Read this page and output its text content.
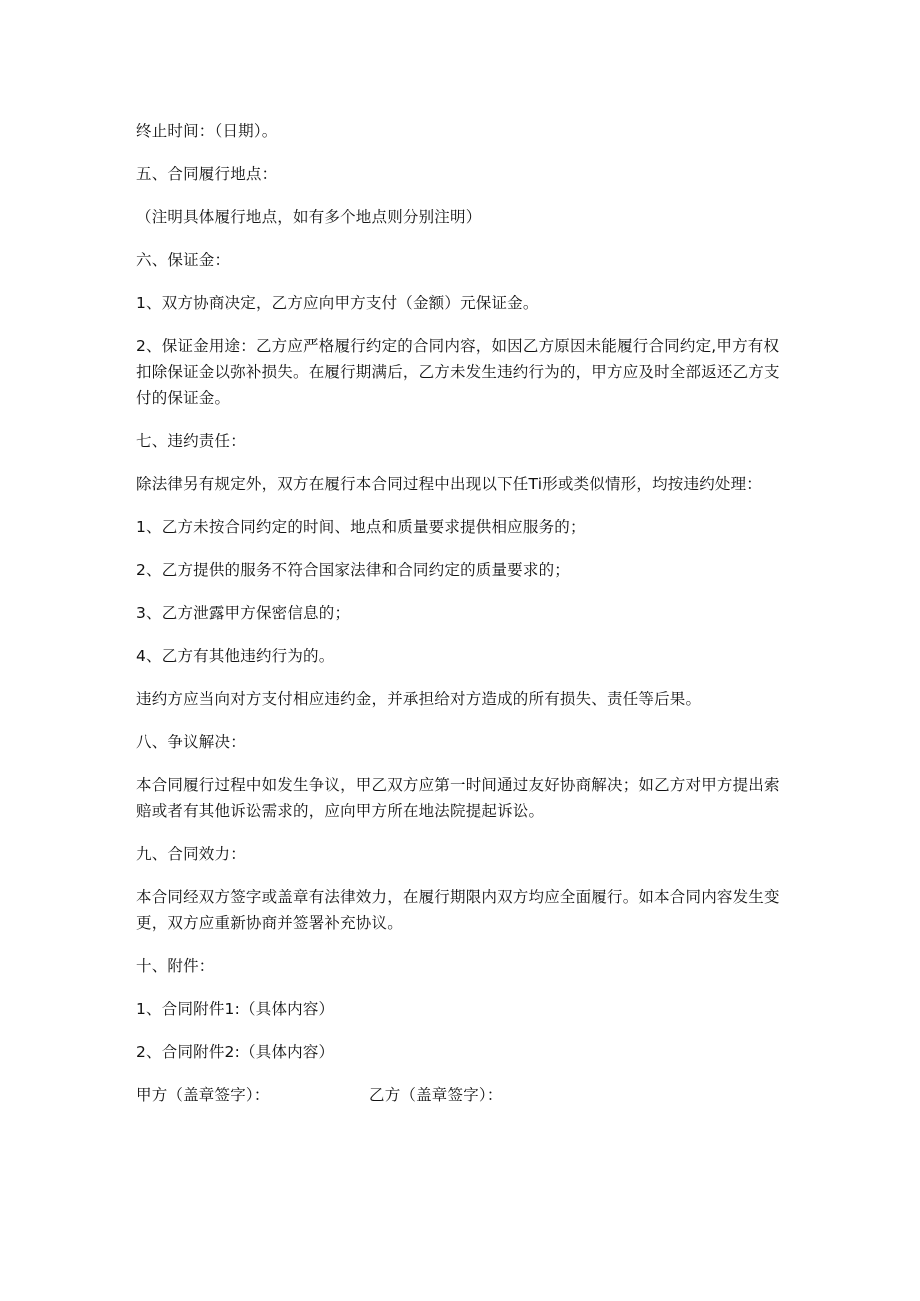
终止时间：（日期）。

五、合同履行地点：

（注明具体履行地点，如有多个地点则分别注明）

六、保证金：

1、双方协商决定，乙方应向甲方支付（金额）元保证金。

2、保证金用途：乙方应严格履行约定的合同内容，如因乙方原因未能履行合同约定,甲方有权扣除保证金以弥补损失。在履行期满后，乙方未发生违约行为的，甲方应及时全部返还乙方支付的保证金。

七、违约责任：

除法律另有规定外，双方在履行本合同过程中出现以下任Ti形或类似情形，均按违约处理：

1、乙方未按合同约定的时间、地点和质量要求提供相应服务的；

2、乙方提供的服务不符合国家法律和合同约定的质量要求的；

3、乙方泄露甲方保密信息的；

4、乙方有其他违约行为的。

违约方应当向对方支付相应违约金，并承担给对方造成的所有损失、责任等后果。

八、争议解决：

本合同履行过程中如发生争议，甲乙双方应第一时间通过友好协商解决；如乙方对甲方提出索赔或者有其他诉讼需求的，应向甲方所在地法院提起诉讼。

九、合同效力：

本合同经双方签字或盖章有法律效力，在履行期限内双方均应全面履行。如本合同内容发生变更，双方应重新协商并签署补充协议。

十、附件：

1、合同附件1:（具体内容）

2、合同附件2:（具体内容）

甲方（盖章签字）：	乙方（盖章签字）：
